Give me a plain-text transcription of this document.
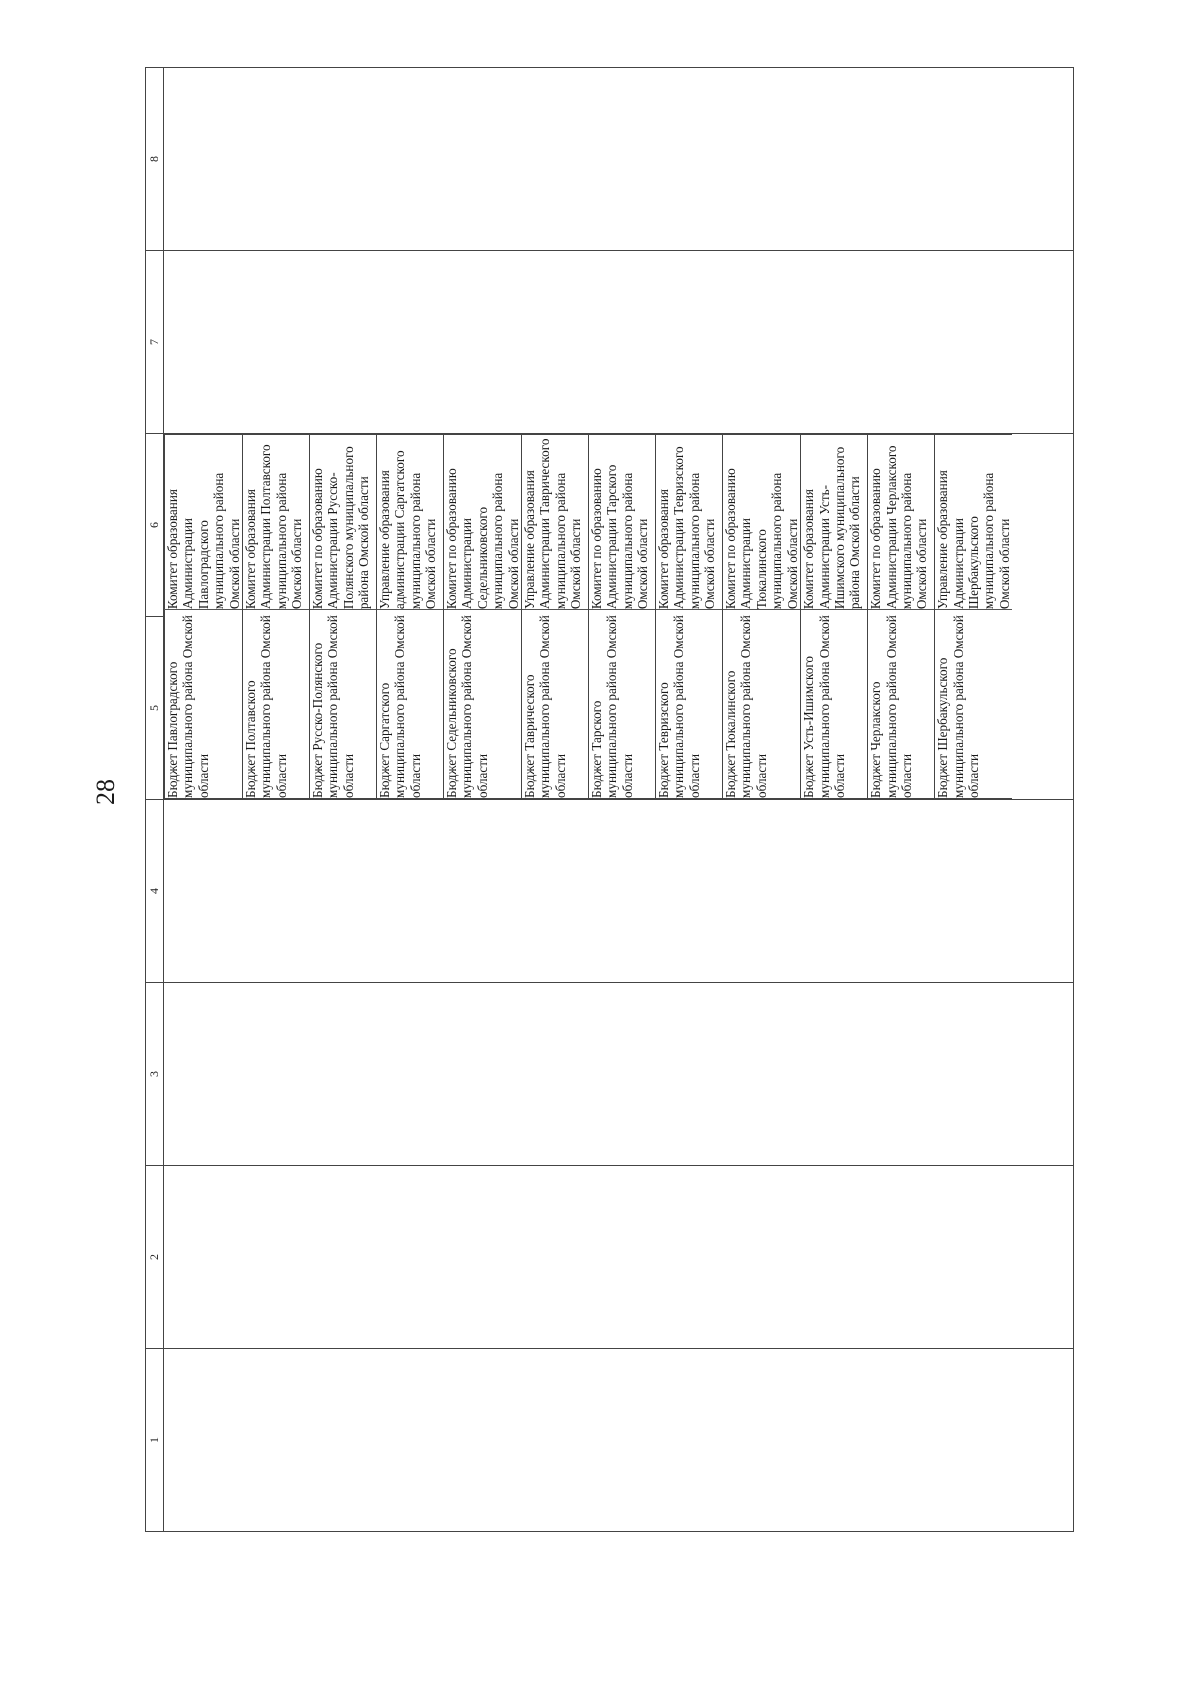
28
1	2	3	4	5	6	7	8

Бюджет Павлоградского муниципального района Омской области	Комитет образования Администрации Павлоградского муниципального района Омской области
Бюджет Полтавского муниципального района Омской области	Комитет образования Администрации Полтавского муниципального района Омской области
Бюджет Русско-Полянского муниципального района Омской области	Комитет по образованию Администрации Русско-Полянского муниципального района Омской области
Бюджет Саргатского муниципального района Омской области	Управление образования администрации Саргатского муниципального района Омской области
Бюджет Седельниковского муниципального района Омской области	Комитет по образованию Администрации Седельниковского муниципального района Омской области
Бюджет Таврического муниципального района Омской области	Управление образования Администрации Таврического муниципального района Омской области
Бюджет Тарского муниципального района Омской области	Комитет по образованию Администрации Тарского муниципального района Омской области
Бюджет Тевризского муниципального района Омской области	Комитет образования Администрации Тевризского муниципального района Омской области
Бюджет Тюкалинского муниципального района Омской области	Комитет по образованию Администрации Тюкалинского муниципального района Омской области
Бюджет Усть-Ишимского муниципального района Омской области	Комитет образования Администрации Усть-Ишимского муниципального района Омской области
Бюджет Черлакского муниципального района Омской области	Комитет по образованию Администрации Черлакского муниципального района Омской области
Бюджет Шербакульского муниципального района Омской области	Управление образования Администрации Шербакульского муниципального района Омской области
